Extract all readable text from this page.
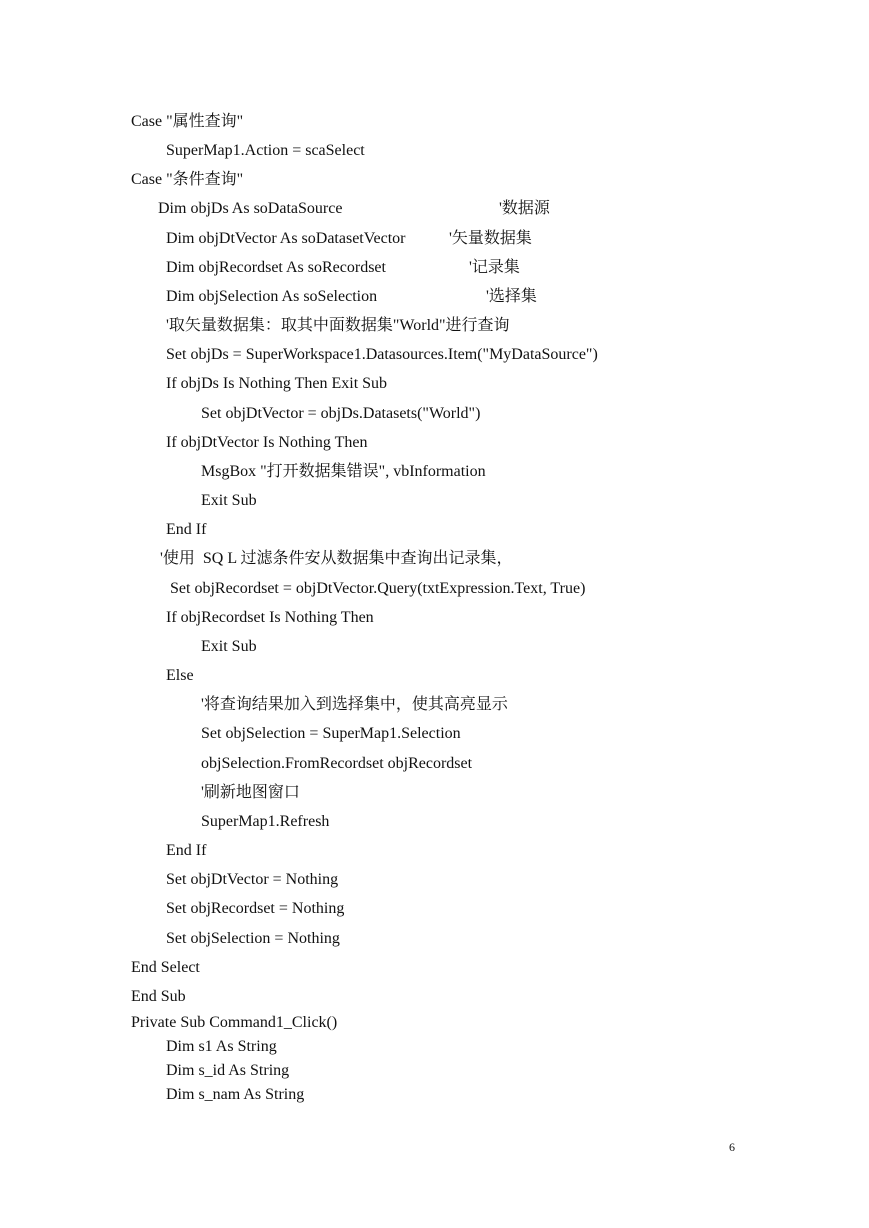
Case "属性查询"
SuperMap1.Action = scaSelect
Case "条件查询"
Dim objDs As soDataSource	'数据源
Dim objDtVector As soDatasetVector	'矢量数据集
Dim objRecordset As soRecordset	'记录集
Dim objSelection As soSelection	'选择集
'取矢量数据集：取其中面数据集"World"进行查询
Set objDs = SuperWorkspace1.Datasources.Item("MyDataSource")
If objDs Is Nothing Then Exit Sub
Set objDtVector = objDs.Datasets("World")
If objDtVector Is Nothing Then
MsgBox "打开数据集错误", vbInformation
Exit Sub
End If
'使用  SQ L 过滤条件安从数据集中查询出记录集，
Set objRecordset = objDtVector.Query(txtExpression.Text, True)
If objRecordset Is Nothing Then
Exit Sub
Else
'将查询结果加入到选择集中，使其高亮显示
Set objSelection = SuperMap1.Selection
objSelection.FromRecordset objRecordset
'刷新地图窗口
SuperMap1.Refresh
End If
Set objDtVector = Nothing
Set objRecordset = Nothing
Set objSelection = Nothing
End Select
End Sub
Private Sub Command1_Click()
Dim s1 As String
Dim s_id As String
Dim s_nam As String
6
